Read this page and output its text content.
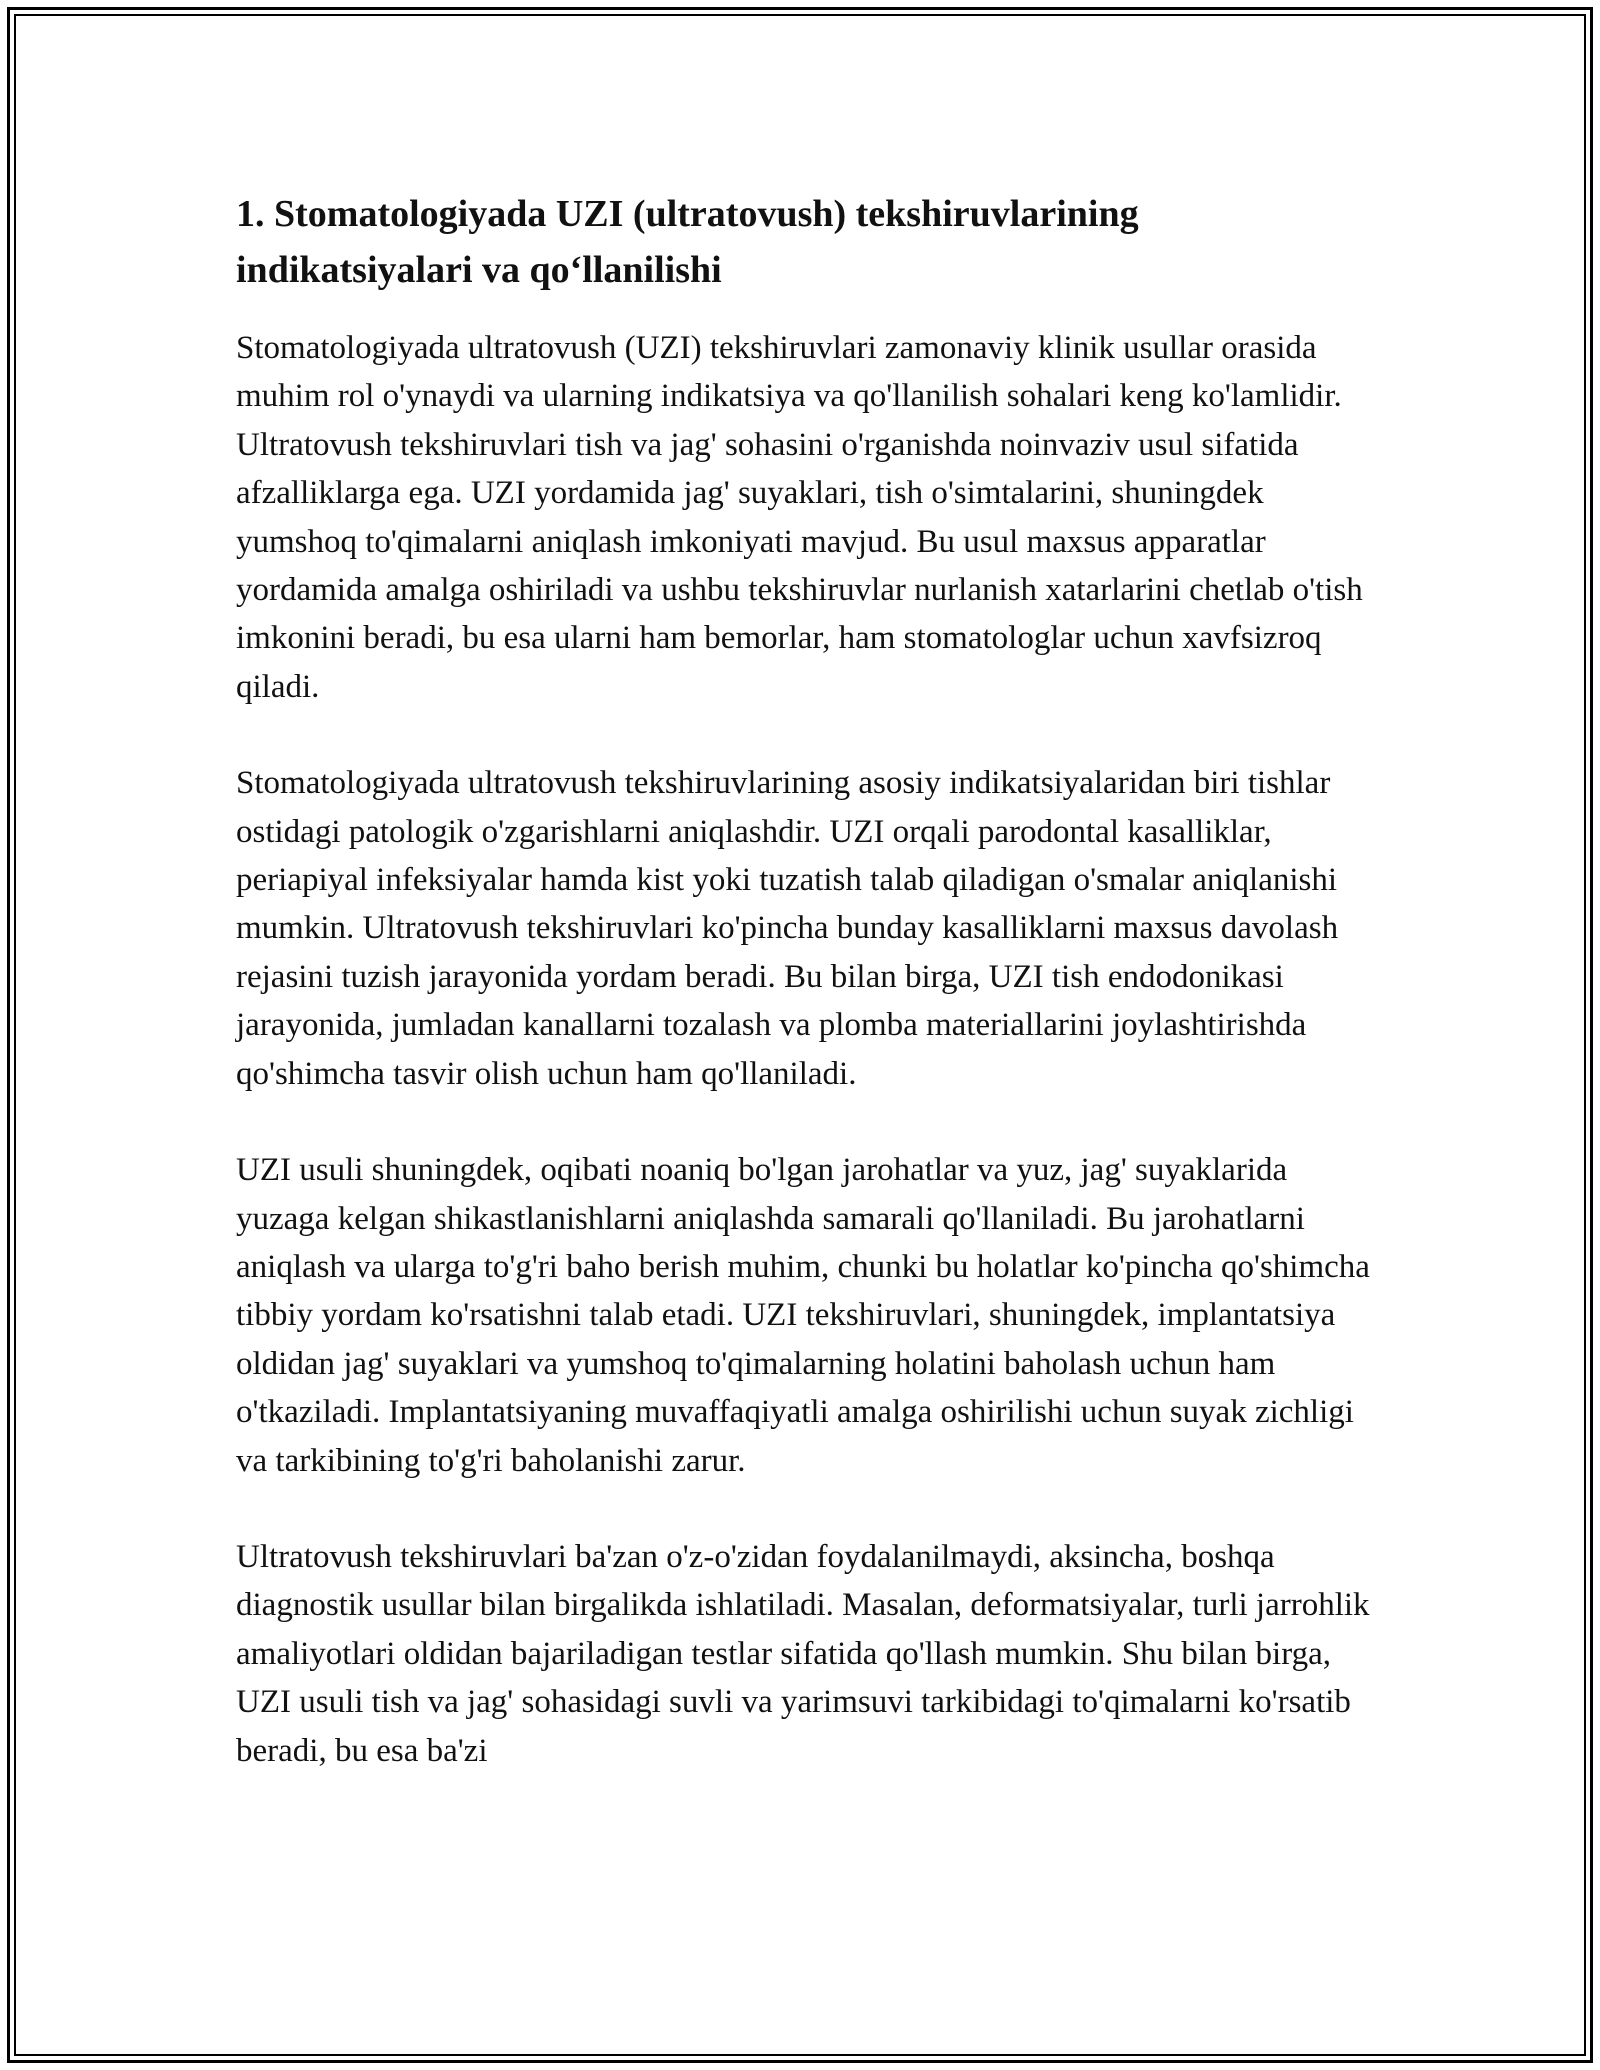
1. Stomatologiyada UZI (ultratovush) tekshiruvlarining
indikatsiyalari va qo‘llanilishi

Stomatologiyada ultratovush (UZI) tekshiruvlari zamonaviy klinik usullar orasida muhim rol o'ynaydi va ularning indikatsiya va qo'llanilish sohalari keng ko'lamlidir. Ultratovush tekshiruvlari tish va jag' sohasini o'rganishda noinvaziv usul sifatida afzalliklarga ega. UZI yordamida jag' suyaklari, tish o'simtalarini, shuningdek yumshoq to'qimalarni aniqlash imkoniyati mavjud. Bu usul maxsus apparatlar yordamida amalga oshiriladi va ushbu tekshiruvlar nurlanish xatarlarini chetlab o'tish imkonini beradi, bu esa ularni ham bemorlar, ham stomatologlar uchun xavfsizroq qiladi.

Stomatologiyada ultratovush tekshiruvlarining asosiy indikatsiyalaridan biri tishlar ostidagi patologik o'zgarishlarni aniqlashdir. UZI orqali parodontal kasalliklar, periapiyal infeksiyalar hamda kist yoki tuzatish talab qiladigan o'smalar aniqlanishi mumkin. Ultratovush tekshiruvlari ko'pincha bunday kasalliklarni maxsus davolash rejasini tuzish jarayonida yordam beradi. Bu bilan birga, UZI tish endodonikasi jarayonida, jumladan kanallarni tozalash va plomba materiallarini joylashtirishda qo'shimcha tasvir olish uchun ham qo'llaniladi.

UZI usuli shuningdek, oqibati noaniq bo'lgan jarohatlar va yuz, jag' suyaklarida yuzaga kelgan shikastlanishlarni aniqlashda samarali qo'llaniladi. Bu jarohatlarni aniqlash va ularga to'g'ri baho berish muhim, chunki bu holatlar ko'pincha qo'shimcha tibbiy yordam ko'rsatishni talab etadi. UZI tekshiruvlari, shuningdek, implantatsiya oldidan jag' suyaklari va yumshoq to'qimalarning holatini baholash uchun ham o'tkaziladi. Implantatsiyaning muvaffaqiyatli amalga oshirilishi uchun suyak zichligi va tarkibining to'g'ri baholanishi zarur.

Ultratovush tekshiruvlari ba'zan o'z-o'zidan foydalanilmaydi, aksincha, boshqa diagnostik usullar bilan birgalikda ishlatiladi. Masalan, deformatsiyalar, turli jarrohlik amaliyotlari oldidan bajariladigan testlar sifatida qo'llash mumkin. Shu bilan birga, UZI usuli tish va jag' sohasidagi suvli va yarimsuvi tarkibidagi to'qimalarni ko'rsatib beradi, bu esa ba'zi
